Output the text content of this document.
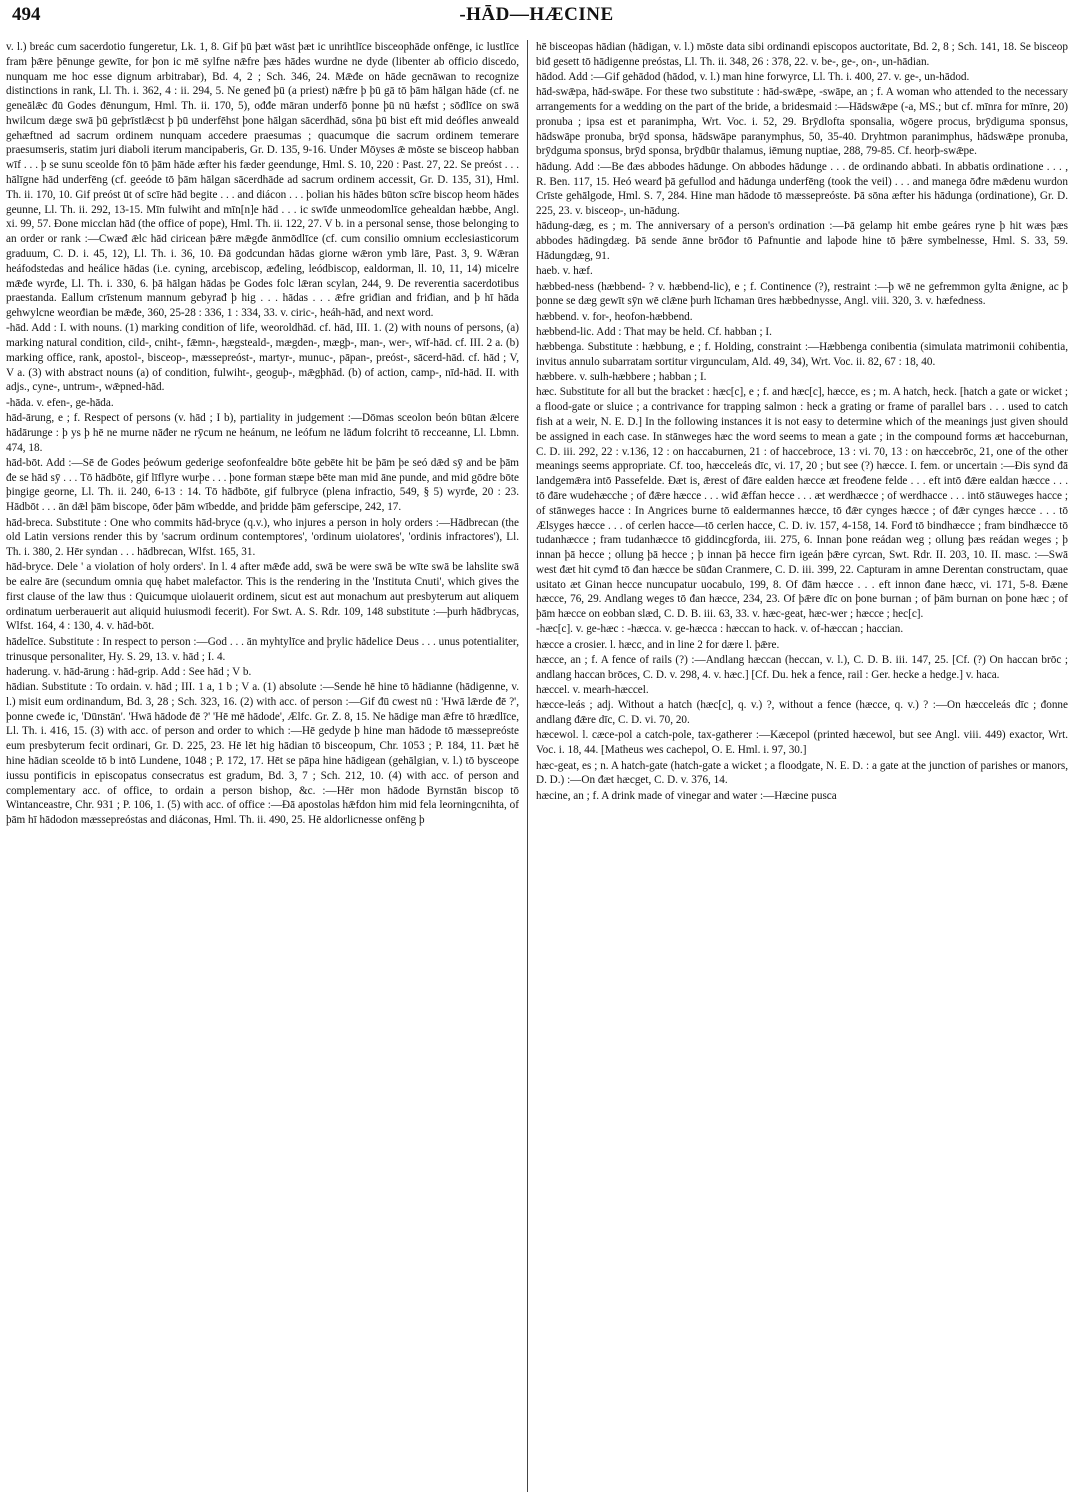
494	-HĀD—HÆCINE

v. l.) breác cum sacerdotio fungeretur, Lk. 1, 8. Gif þū þæt wāst þæt ic unrihtlīce bisceophāde onfēnge, ic lustlīce fram þǣre þēnunge gewīte, for þon ic mē sylfne nǣfre þæs hādes wurdne ne dyde (libenter ab officio discedo, nunquam me hoc esse dignum arbitrabar), Bd. 4, 2 ; Sch. 346, 24. Mǣđe on hāde gecnāwan to recognize distinctions in rank, Ll. Th. i. 362, 4 : ii. 294, 5. Ne geneđ þū (a priest) nǣfre þ þū gā tō þām hālgan hāde (cf. ne geneālǣc đū Godes đēnungum, Hml. Th. ii. 170, 5), ođđe māran underfō þonne þū nū hæfst ; sōđlīce on swā hwilcum dæge swā þū geþrīstlǣcst þ þū underfēhst þone hālgan sācerdhād, sōna þū bist eft mid deófles anweald gehæftned ad sacrum ordinem nunquam accedere praesumas ; quacumque die sacrum ordinem temerare praesumseris, statim juri diaboli iterum mancipaberis, Gr. D. 135, 9-16. Under Mōyses ǣ mōste se bisceop habban wīf . . . þ se sunu sceolde fōn tō þām hāde æfter his fæder geendunge, Hml. S. 10, 220 : Past. 27, 22. Se preóst . . . hālīgne hād underfēng (cf. geeóde tō þām hālgan sācerdhāde ad sacrum ordinem accessit, Gr. D. 135, 31), Hml. Th. ii. 170, 10. Gif preóst ūt of scīre hād begite . . . and diácon . . . þolian his hādes būton scīre biscop heom hādes geunne, Ll. Th. ii. 292, 13-15. Mīn fulwiht and mīn[n]e hād . . . ic swīđe unmeodomlīce gehealdan hæbbe, Angl. xi. 99, 57. Đone micclan hād (the office of pope), Hml. Th. ii. 122, 27. V b. in a personal sense, those belonging to an order or rank :—Cwæđ ǣlc hād ciricean þǣre mǣgđe ānmōdlīce (cf. cum consilio omnium ecclesiasticorum graduum, C. D. i. 45, 12), Ll. Th. i. 36, 10. Đā godcundan hādas giorne wǣron ymb lāre, Past. 3, 9. Wǣran heáfodstedas and heálice hādas (i.e. cyning, arcebiscop, æđeling, leódbiscop, ealdorman, ll. 10, 11, 14) micelre mǣđe wyrđe, Ll. Th. i. 330, 6. þā hālgan hādas þe Godes folc lǣran scylan, 244, 9. De reverentia sacerdotibus praestanda. Eallum crīstenum mannum gebyrađ þ hig . . . hādas . . . ǣfre griđian and friđian, and þ hī hāda gehwylcne weorđian be mǣđe, 360, 25-28 : 336, 1 : 334, 33. v. ciric-, heáh-hād, and next word.

-hād. Add : I. with nouns. (1) marking condition of life, weoroldhād. cf. hād, III. 1. (2) with nouns of persons, (a) marking natural condition, cild-, cniht-, fǣmn-, hægsteald-, mægden-, mægþ-, man-, wer-, wīf-hād. cf. III. 2 a. (b) marking office, rank, apostol-, bisceop-, mæssepreóst-, martyr-, munuc-, pāpan-, preóst-, sācerd-hād. cf. hād ; V, V a. (3) with abstract nouns (a) of condition, fulwiht-, geoguþ-, mǣgþhād. (b) of action, camp-, nīd-hād. II. with adjs., cyne-, untrum-, wǣpned-hād.

-hāda. v. efen-, ge-hāda.

hād-ārung, e ; f. Respect of persons (v. hād ; I b), partiality in judgement :—Dōmas sceolon beón būtan ǣlcere hādārunge : þ ys þ hē ne murne nāđer ne rȳcum ne heánum, ne leófum ne lāđum folcriht tō recceanne, Ll. Lbmn. 474, 18.

hād-bōt. Add :—Sē đe Godes þeówum gederige seofonfealdre bōte gebēte hit be þām þe seó dǣd sȳ and be þām đe se hād sȳ . . . Tō hādbōte, gif līflyre wurþe . . . þone forman stæpe bēte man mid āne punde, and mid gōdre bōte þingige georne, Ll. Th. ii. 240, 6-13 : 14. Tō hādbōte, gif fulbryce (plena infractio, 549, § 5) wyrđe, 20 : 23. Hādbōt . . . ān dǣl þām biscope, ōđer þām wībedde, and þridde þām geferscipe, 242, 17.

hād-breca. Substitute : One who commits hād-bryce (q.v.), who injures a person in holy orders :—Hādbrecan (the old Latin versions render this by 'sacrum ordinum contemptores', 'ordinum uiolatores', 'ordinis infractores'), Ll. Th. i. 380, 2. Hēr syndan . . . hādbrecan, Wlfst. 165, 31.

hād-bryce. Dele ' a violation of holy orders'. In l. 4 after mǣđe add, swā be were swā be wīte swā be lahslite swā be ealre āre (secundum omnia quę habet malefactor. This is the rendering in the 'Instituta Cnuti', which gives the first clause of the law thus : Quicumque uiolauerit ordinem, sicut est aut monachum aut presbyterum aut aliquem ordinatum uerberauerit aut aliquid huiusmodi fecerit). For Swt. A. S. Rdr. 109, 148 substitute :—þurh hādbrycas, Wlfst. 164, 4 : 130, 4. v. hād-bōt.

hādelīce. Substitute : In respect to person :—God . . . ān myhtylīce and þrylic hādelice Deus . . . unus potentialiter, trinusque personaliter, Hy. S. 29, 13. v. hād ; I. 4.

haderung. v. hād-ārung : hād-grip. Add : See hād ; V b.

hādian. Substitute : To ordain. v. hād ; III. 1 a, 1 b ; V a. (1) absolute :—Sende hē hine tō hādianne (hādigenne, v. l.) misit eum ordinandum, Bd. 3, 28 ; Sch. 323, 16. (2) with acc. of person :—Gif đū cwest nū : 'Hwā lǣrde đē ?', þonne cweđe ic, 'Dūnstān'. 'Hwā hādode đē ?' 'Hē mē hādode', Ælfc. Gr. Z. 8, 15. Ne hādige man ǣfre tō hrædlīce, Ll. Th. i. 416, 15. (3) with acc. of person and order to which :—Hē gedyde þ hine man hādode tō mæssepreóste eum presbyterum fecit ordinari, Gr. D. 225, 23. Hē lēt hig hādian tō bisceopum, Chr. 1053 ; P. 184, 11. Þæt hē hine hādian sceolde tō b intō Lundene, 1048 ; P. 172, 17. Hēt se pāpa hine hādigean (gehālgian, v. l.) tō bysceope iussu pontificis in episcopatus consecratus est gradum, Bd. 3, 7 ; Sch. 212, 10. (4) with acc. of person and complementary acc. of office, to ordain a person bishop, &c. :—Hēr mon hādode Byrnstān biscop tō Wintanceastre, Chr. 931 ; P. 106, 1. (5) with acc. of office :—Đā apostolas hǣfdon him mid fela leorningcnihta, of þām hī hādodon mæssepreóstas and diáconas, Hml. Th. ii. 490, 25. Hē aldorlicnesse onfēng þ

hē bisceopas hādian (hādigan, v. l.) mōste data sibi ordinandi episcopos auctoritate, Bd. 2, 8 ; Sch. 141, 18. Se bisceop biđ gesett tō hādigenne preóstas, Ll. Th. ii. 348, 26 : 378, 22. v. be-, ge-, on-, un-hādian.

hādod. Add :—Gif gehādod (hādod, v. l.) man hine forwyrce, Ll. Th. i. 400, 27. v. ge-, un-hādod.

hād-swǣpa, hād-swāpe. For these two substitute : hād-swǣpe, -swāpe, an ; f. A woman who attended to the necessary arrangements for a wedding on the part of the bride, a bridesmaid :—Hādswǣpe (-a, MS.; but cf. mīnra for mīnre, 20) pronuba ; ipsa est et paranimpha, Wrt. Voc. i. 52, 29. Brȳdlofta sponsalia, wōgere procus, brȳdiguma sponsus, hādswāpe pronuba, brȳd sponsa, hādswāpe paranymphus, 50, 35-40. Dryhtmon paranimphus, hādswǣpe pronuba, brȳdguma sponsus, brȳd sponsa, brȳdbūr thalamus, iēmung nuptiae, 288, 79-85. Cf. heorþ-swǣpe.

hādung. Add :—Be đæs abbodes hādunge. On abbodes hādunge . . . de ordinando abbati. In abbatis ordinatione . . . , R. Ben. 117, 15. Heó wearđ þā gefullod and hādunga underfēng (took the veil) . . . and manega ōđre mǣdenu wurdon Crīste gehālgode, Hml. S. 7, 284. Hine man hādode tō mæssepreóste. Þā sōna æfter his hādunga (ordinatione), Gr. D. 225, 23. v. bisceop-, un-hādung.

hādung-dæg, es ; m. The anniversary of a person's ordination :—Þā gelamp hit embe geáres ryne þ hit wæs þæs abbodes hādingdæg. Þā sende ānne brōđor tō Pafnuntie and laþode hine tō þǣre symbelnesse, Hml. S. 33, 59. Hādungdæg, 91.

haeb. v. hæf.

hæbbed-ness (hæbbend- ? v. hæbbend-lic), e ; f. Continence (?), restraint :—þ wē ne gefremmon gylta ǣnigne, ac þ þonne se dæg gewīt sȳn wē clǣne þurh līchaman ūres hæbbednysse, Angl. viii. 320, 3. v. hæfedness.

hæbbend. v. for-, heofon-hæbbend.

hæbbend-lic. Add : That may be held. Cf. habban ; I.

hæbbenga. Substitute : hæbbung, e ; f. Holding, constraint :—Hæbbenga conibentia (simulata matrimonii cohibentia, invitus annulo subarratam sortitur virgunculam, Ald. 49, 34), Wrt. Voc. ii. 82, 67 : 18, 40.

hæbbere. v. sulh-hæbbere ; habban ; I.

hæc. Substitute for all but the bracket : hæc[c], e ; f. and hæc[c], hæcce, es ; m. A hatch, heck. [hatch a gate or wicket ; a flood-gate or sluice ; a contrivance for trapping salmon : heck a grating or frame of parallel bars . . . used to catch fish at a weir, N. E. D.] In the following instances it is not easy to determine which of the meanings just given should be assigned in each case. In stānweges hæc the word seems to mean a gate ; in the compound forms æt hacceburnan, C. D. iii. 292, 22 : v.136, 12 : on haccaburnen, 21 : of haccebroce, 13 : vi. 70, 13 : on hæccebrōc, 21, one of the other meanings seems appropriate. Cf. too, hæcceleás dīc, vi. 17, 20 ; but see (?) hæcce. I. fem. or uncertain :—Đis synd đā landgemǣra intō Passefelde. Đæt is, ǣrest of đāre ealden hæcce æt freođene felde . . . eft intō đǣre ealdan hæcce . . . tō đāre wudehæcche ; of đǣre hæcce . . . wiđ ǣffan hecce . . . æt werdhæcce ; of werdhacce . . . intō stāuweges hacce ; of stānweges hacce : In Angrices burne tō ealdermannes hæcce, tō đǣr cynges hæcce ; of đǣr cynges hæcce . . . tō Ælsyges hæcce . . . of cerlen hacce—tō cerlen hacce, C. D. iv. 157, 4-158, 14. Forđ tō bindhæcce ; fram bindhæcce tō tudanhæcce ; fram tudanhæcce tō giddincgforda, iii. 275, 6. Innan þone reádan weg ; ollung þæs reádan weges ; þ innan þā hecce ; ollung þā hecce ; þ innan þā hecce firn igeán þǣre cyrcan, Swt. Rdr. II. 203, 10. II. masc. :—Swā west đæt hit cymđ tō đan hæcce be sūđan Cranmere, C. D. iii. 399, 22. Capturam in amne Derentan constructam, quae usitato æt Ginan hecce nuncupatur uocabulo, 199, 8. Of đām hæcce . . . eft innon đane hæcc, vi. 171, 5-8. Đæne hæcce, 76, 29. Andlang weges tō đan hæcce, 234, 23. Of þǣre dīc on þone burnan ; of þām burnan on þone hæc ; of þām hæcce on eobban slæd, C. D. B. iii. 63, 33. v. hæc-geat, hæc-wer ; hæcce ; hec[c].

-hæc[c]. v. ge-hæc : -hæcca. v. ge-hæcca : hæccan to hack. v. of-hæccan ; haccian.

hæcce a crosier. l. hæcc, and in line 2 for dære l. þǣre.

hæcce, an ; f. A fence of rails (?) :—Andlang hæccan (heccan, v. l.), C. D. B. iii. 147, 25. [Cf. (?) On haccan brōc ; andlang haccan brōces, C. D. v. 298, 4. v. hæc.] [Cf. Du. hek a fence, rail : Ger. hecke a hedge.] v. haca.

hæccel. v. mearh-hæccel.

hæcce-leás ; adj. Without a hatch (hæc[c], q. v.) ?, without a fence (hæcce, q. v.) ? :—On hæcceleás dīc ; đonne andlang đǣre dīc, C. D. vi. 70, 20.

hæcewol. l. cæce-pol a catch-pole, tax-gatherer :—Kæcepol (printed hæcewol, but see Angl. viii. 449) exactor, Wrt. Voc. i. 18, 44. [Matheus wes cachepol, O. E. Hml. i. 97, 30.]

hæc-geat, es ; n. A hatch-gate (hatch-gate a wicket ; a floodgate, N. E. D. : a gate at the junction of parishes or manors, D. D.) :—On đæt hæcget, C. D. v. 376, 14.

hæcine, an ; f. A drink made of vinegar and water :—Hæcine pusca
